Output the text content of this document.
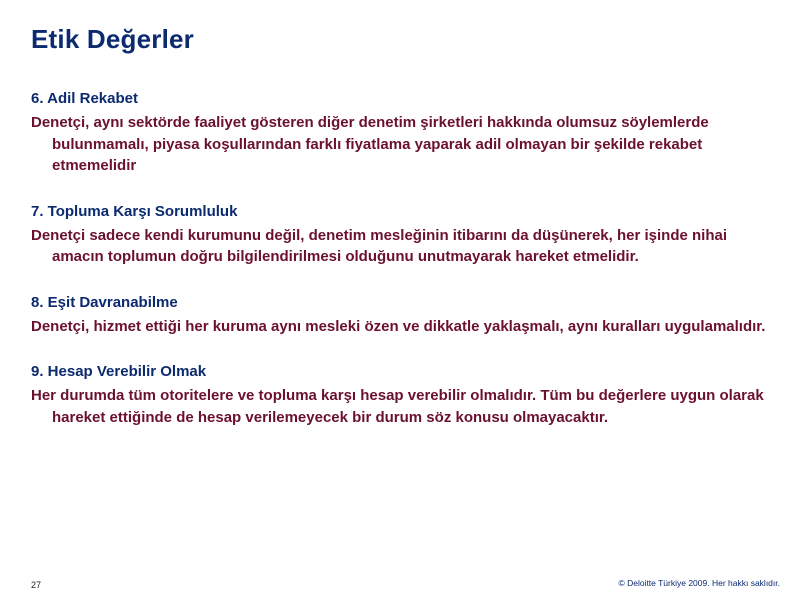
Etik Değerler
6. Adil Rekabet
Denetçi, aynı sektörde faaliyet gösteren diğer denetim şirketleri hakkında olumsuz söylemlerde bulunmamalı, piyasa koşullarından farklı fiyatlama yaparak adil olmayan bir şekilde rekabet etmemelidir
7. Topluma Karşı Sorumluluk
Denetçi sadece kendi kurumunu değil, denetim mesleğinin itibarını da düşünerek, her işinde nihai amacın toplumun doğru bilgilendirilmesi olduğunu unutmayarak hareket etmelidir.
8. Eşit Davranabilme
Denetçi, hizmet ettiği her kuruma aynı mesleki özen ve dikkatle yaklaşmalı, aynı kuralları uygulamalıdır.
9. Hesap Verebilir Olmak
Her durumda tüm otoritelere ve topluma karşı hesap verebilir olmalıdır. Tüm bu değerlere uygun olarak hareket ettiğinde de hesap verilemeyecek bir durum söz konusu olmayacaktır.
27	© Deloitte Türkiye 2009. Her hakkı saklıdır.
